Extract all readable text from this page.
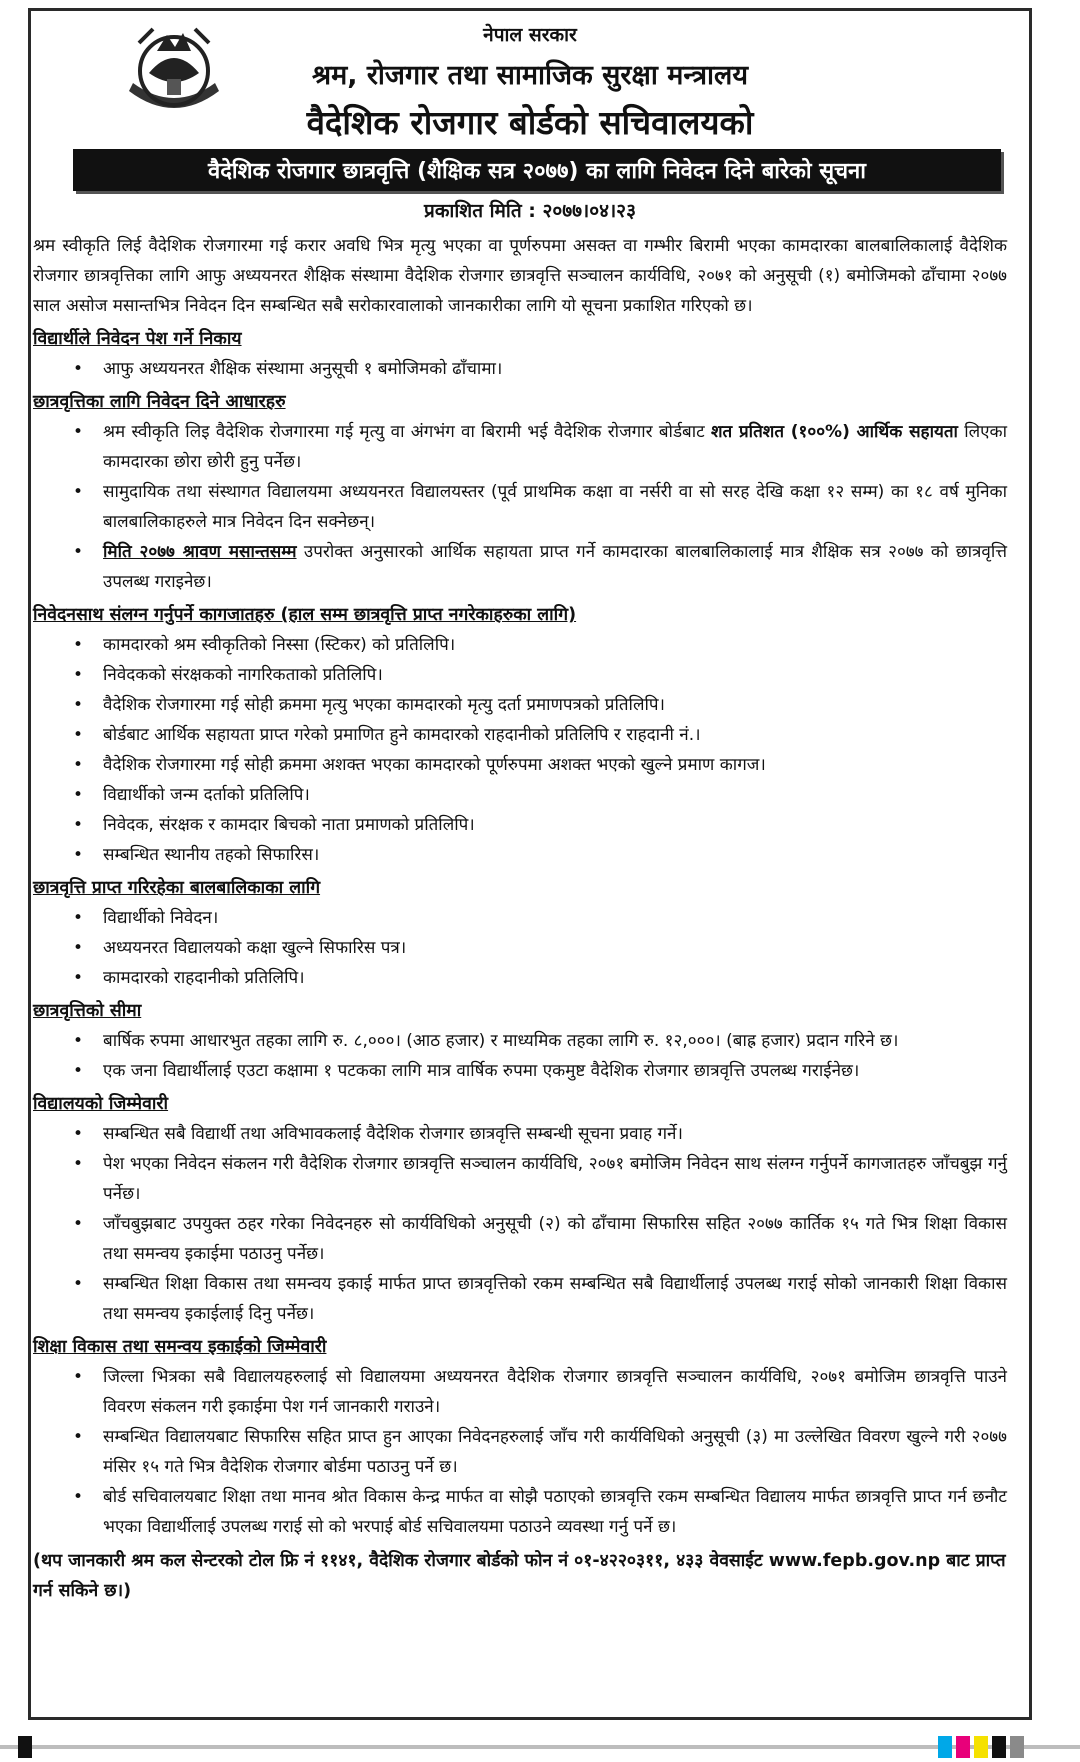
नेपाल सरकार
श्रम, रोजगार तथा सामाजिक सुरक्षा मन्त्रालय
वैदेशिक रोजगार बोर्डको सचिवालयको
वैदेशिक रोजगार छात्रवृत्ति (शैक्षिक सत्र २०७७) का लागि निवेदन दिने बारेको सूचना
प्रकाशित मिति : २०७७।०४।२३

श्रम स्वीकृति लिई वैदेशिक रोजगारमा गई करार अवधि भित्र मृत्यु भएका वा पूर्णरुपमा असक्त वा गम्भीर बिरामी भएका कामदारका बालबालिकालाई वैदेशिक रोजगार छात्रवृत्तिका लागि आफु अध्ययनरत शैक्षिक संस्थामा वैदेशिक रोजगार छात्रवृत्ति सञ्चालन कार्यविधि, २०७१ को अनुसूची (१) बमोजिमको ढाँचामा २०७७ साल असोज मसान्तभित्र निवेदन दिन सम्बन्धित सबै सरोकारवालाको जानकारीका लागि यो सूचना प्रकाशित गरिएको छ।

विद्यार्थीले निवेदन पेश गर्ने निकाय
• आफु अध्ययनरत शैक्षिक संस्थामा अनुसूची १ बमोजिमको ढाँचामा।
छात्रवृत्तिका लागि निवेदन दिने आधारहरु
• श्रम स्वीकृति लिइ वैदेशिक रोजगारमा गई मृत्यु वा अंगभंग वा बिरामी भई वैदेशिक रोजगार बोर्डबाट शत प्रतिशत (१००%) आर्थिक सहायता लिएका कामदारका छोरा छोरी हुनु पर्नेछ।
• सामुदायिक तथा संस्थागत विद्यालयमा अध्ययनरत विद्यालयस्तर (पूर्व प्राथमिक कक्षा वा नर्सरी वा सो सरह देखि कक्षा १२ सम्म) का १८ वर्ष मुनिका बालबालिकाहरुले मात्र निवेदन दिन सक्नेछन्।
• मिति २०७७ श्रावण मसान्तसम्म उपरोक्त अनुसारको आर्थिक सहायता प्राप्त गर्ने कामदारका बालबालिकालाई मात्र शैक्षिक सत्र २०७७ को छात्रवृत्ति उपलब्ध गराइनेछ।
निवेदनसाथ संलग्न गर्नुपर्ने कागजातहरु (हाल सम्म छात्रवृत्ति प्राप्त नगरेकाहरुका लागि)
• कामदारको श्रम स्वीकृतिको निस्सा (स्टिकर) को प्रतिलिपि।
• निवेदकको संरक्षकको नागरिकताको प्रतिलिपि।
• वैदेशिक रोजगारमा गई सोही क्रममा मृत्यु भएका कामदारको मृत्यु दर्ता प्रमाणपत्रको प्रतिलिपि।
• बोर्डबाट आर्थिक सहायता प्राप्त गरेको प्रमाणित हुने कामदारको राहदानीको प्रतिलिपि र राहदानी नं.।
• वैदेशिक रोजगारमा गई सोही क्रममा अशक्त भएका कामदारको पूर्णरुपमा अशक्त भएको खुल्ने प्रमाण कागज।
• विद्यार्थीको जन्म दर्ताको प्रतिलिपि।
• निवेदक, संरक्षक र कामदार बिचको नाता प्रमाणको प्रतिलिपि।
• सम्बन्धित स्थानीय तहको सिफारिस।
छात्रवृत्ति प्राप्त गरिरहेका बालबालिकाका लागि
• विद्यार्थीको निवेदन।
• अध्ययनरत विद्यालयको कक्षा खुल्ने सिफारिस पत्र।
• कामदारको राहदानीको प्रतिलिपि।
छात्रवृत्तिको सीमा
• बार्षिक रुपमा आधारभुत तहका लागि रु. ८,०००। (आठ हजार) र माध्यमिक तहका लागि रु. १२,०००। (बाह्र हजार) प्रदान गरिने छ।
• एक जना विद्यार्थीलाई एउटा कक्षामा १ पटकका लागि मात्र वार्षिक रुपमा एकमुष्ट वैदेशिक रोजगार छात्रवृत्ति उपलब्ध गराईनेछ।
विद्यालयको जिम्मेवारी
• सम्बन्धित सबै विद्यार्थी तथा अविभावकलाई वैदेशिक रोजगार छात्रवृत्ति सम्बन्धी सूचना प्रवाह गर्ने।
• पेश भएका निवेदन संकलन गरी वैदेशिक रोजगार छात्रवृत्ति सञ्चालन कार्यविधि, २०७१ बमोजिम निवेदन साथ संलग्न गर्नुपर्ने कागजातहरु जाँचबुझ गर्नु पर्नेछ।
• जाँचबुझबाट उपयुक्त ठहर गरेका निवेदनहरु सो कार्यविधिको अनुसूची (२) को ढाँचामा सिफारिस सहित २०७७ कार्तिक १५ गते भित्र शिक्षा विकास तथा समन्वय इकाईमा पठाउनु पर्नेछ।
• सम्बन्धित शिक्षा विकास तथा समन्वय इकाई मार्फत प्राप्त छात्रवृत्तिको रकम सम्बन्धित सबै विद्यार्थीलाई उपलब्ध गराई सोको जानकारी शिक्षा विकास तथा समन्वय इकाईलाई दिनु पर्नेछ।
शिक्षा विकास तथा समन्वय इकाईको जिम्मेवारी
• जिल्ला भित्रका सबै विद्यालयहरुलाई सो विद्यालयमा अध्ययनरत वैदेशिक रोजगार छात्रवृत्ति सञ्चालन कार्यविधि, २०७१ बमोजिम छात्रवृत्ति पाउने विवरण संकलन गरी इकाईमा पेश गर्न जानकारी गराउने।
• सम्बन्धित विद्यालयबाट सिफारिस सहित प्राप्त हुन आएका निवेदनहरुलाई जाँच गरी कार्यविधिको अनुसूची (३) मा उल्लेखित विवरण खुल्ने गरी २०७७ मंसिर १५ गते भित्र वैदेशिक रोजगार बोर्डमा पठाउनु पर्ने छ।
• बोर्ड सचिवालयबाट शिक्षा तथा मानव श्रोत विकास केन्द्र मार्फत वा सोझै पठाएको छात्रवृत्ति रकम सम्बन्धित विद्यालय मार्फत छात्रवृत्ति प्राप्त गर्न छनौट भएका विद्यार्थीलाई उपलब्ध गराई सो को भरपाई बोर्ड सचिवालयमा पठाउने व्यवस्था गर्नु पर्ने छ।
(थप जानकारी श्रम कल सेन्टरको टोल फ्रि नं ११४१, वैदेशिक रोजगार बोर्डको फोन नं ०१-४२२०३११, ४३३ वेवसाईट www.fepb.gov.np बाट प्राप्त गर्न सकिने छ।)
